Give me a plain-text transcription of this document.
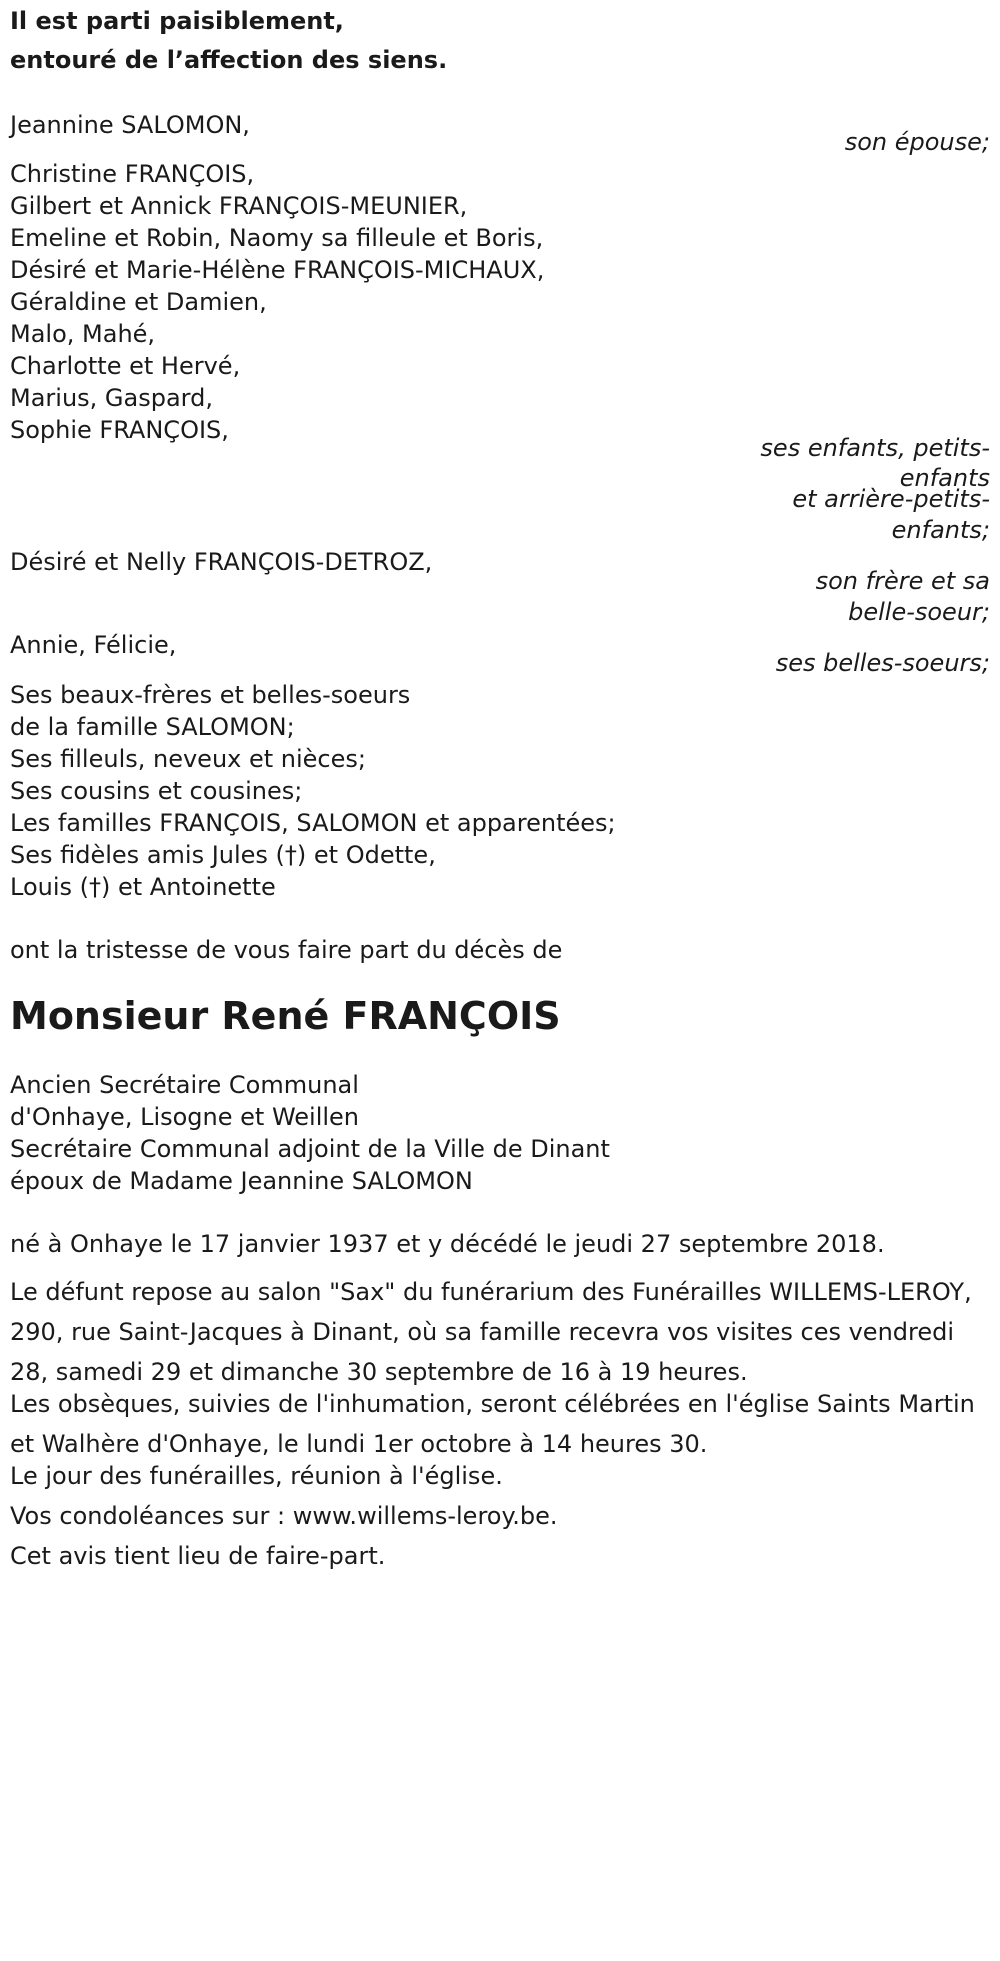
Il est parti paisiblement,
entouré de l’affection des siens.
Jeannine SALOMON,
son épouse;
Christine FRANÇOIS,
Gilbert et Annick FRANÇOIS-MEUNIER,
Emeline et Robin, Naomy sa filleule et Boris,
Désiré et Marie-Hélène FRANÇOIS-MICHAUX,
Géraldine et Damien,
Malo, Mahé,
Charlotte et Hervé,
Marius, Gaspard,
Sophie FRANÇOIS,
ses enfants, petits-
enfants
et arrière-petits-
enfants;
Désiré et Nelly FRANÇOIS-DETROZ,
son frère et sa
belle-soeur;
Annie, Félicie,
ses belles-soeurs;
Ses beaux-frères et belles-soeurs
de la famille SALOMON;
Ses filleuls, neveux et nièces;
Ses cousins et cousines;
Les familles FRANÇOIS, SALOMON et apparentées;
Ses fidèles amis Jules (†) et Odette,
Louis (†) et Antoinette
ont la tristesse de vous faire part du décès de
Monsieur René FRANÇOIS
Ancien Secrétaire Communal
d'Onhaye, Lisogne et Weillen
Secrétaire Communal adjoint de la Ville de Dinant
époux de Madame Jeannine SALOMON
né à Onhaye le 17 janvier 1937 et y décédé le jeudi 27 septembre 2018.
Le défunt repose au salon "Sax" du funérarium des Funérailles WILLEMS-LEROY, 290, rue Saint-Jacques à Dinant, où sa famille recevra vos visites ces vendredi 28, samedi 29 et dimanche 30 septembre de 16 à 19 heures.
Les obsèques, suivies de l'inhumation, seront célébrées en l'église Saints Martin et Walhère d'Onhaye, le lundi 1er octobre à 14 heures 30.
Le jour des funérailles, réunion à l'église.
Vos condoléances sur : www.willems-leroy.be.
Cet avis tient lieu de faire-part.
